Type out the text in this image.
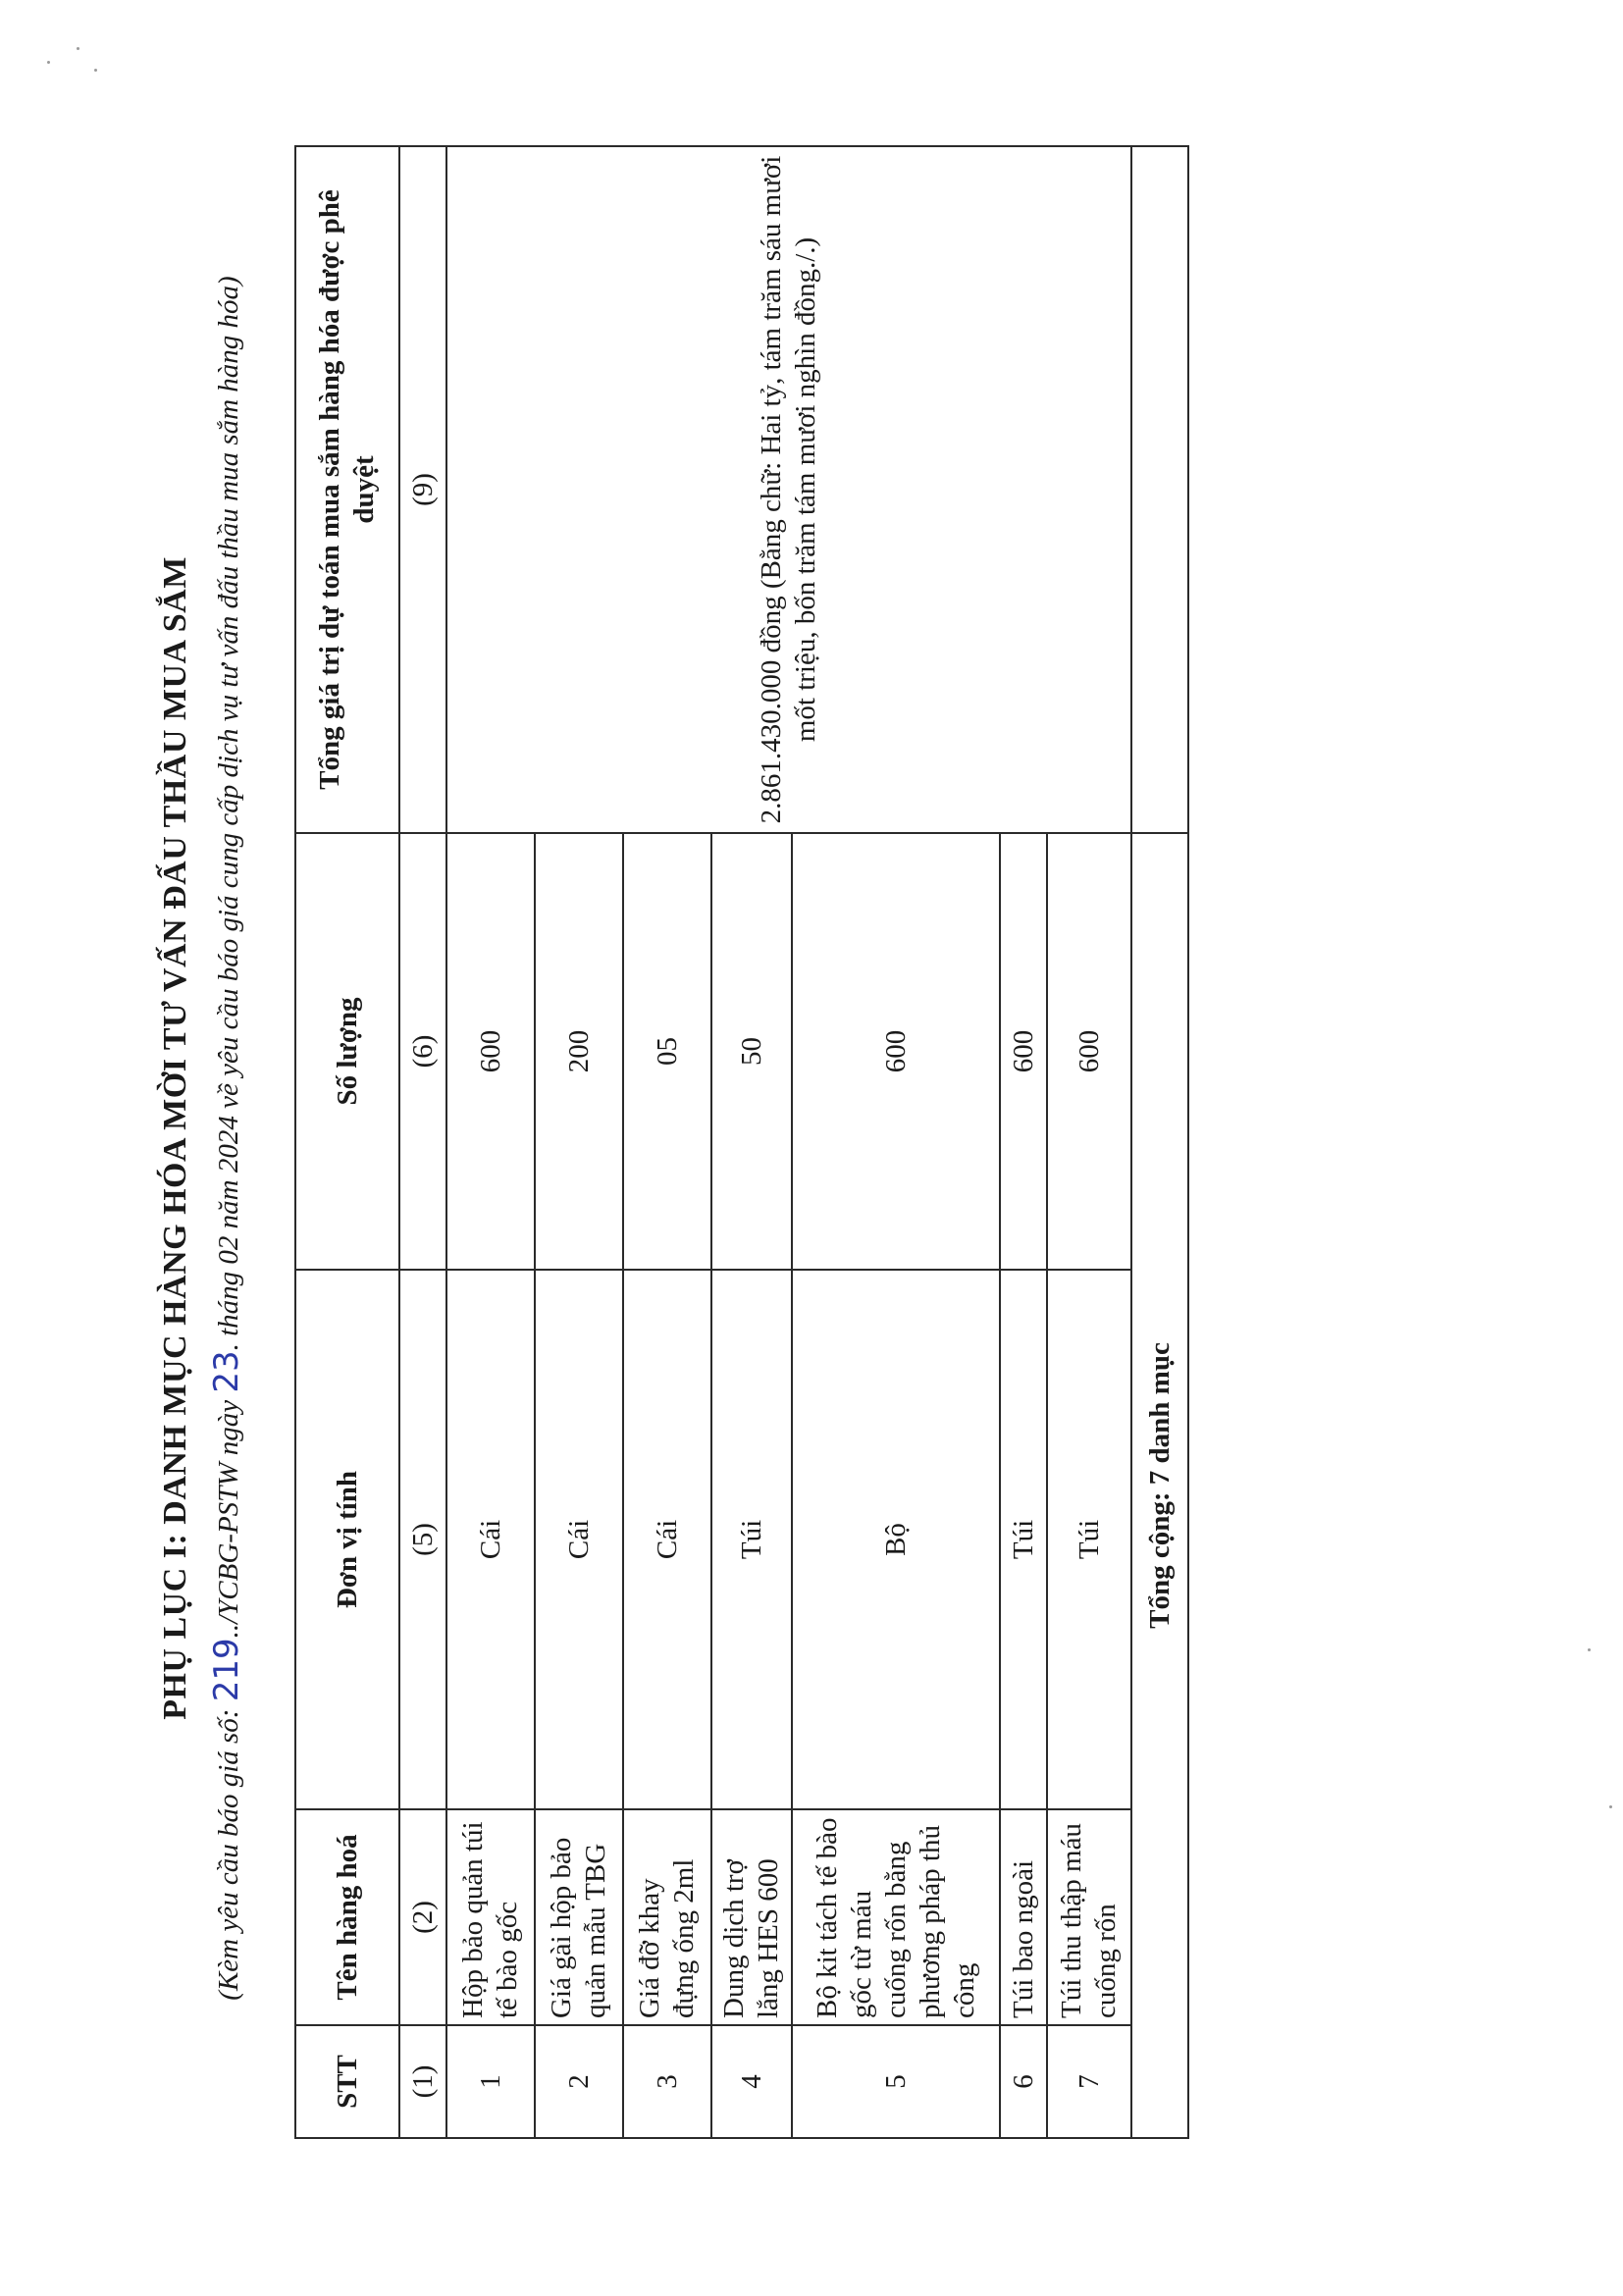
PHỤ LỤC I: DANH MỤC HÀNG HÓA MỜI TƯ VẤN ĐẤU THẦU MUA SẮM
(Kèm yêu cầu báo giá số: 219../YCBG-PSTW ngày 23. tháng 02 năm 2024 về yêu cầu báo giá cung cấp dịch vụ tư vấn đấu thầu mua sắm hàng hóa)
STT	Tên hàng hoá	Đơn vị tính	Số lượng	Tổng giá trị dự toán mua sắm hàng hóa được phê duyệt
(1)	(2)	(5)	(6)	(9)
1	Hộp bảo quản túi tế bào gốc	Cái	600	2.861.430.000 đồng (Bằng chữ: Hai tỷ, tám trăm sáu mươi mốt triệu, bốn trăm tám mươi nghìn đồng./.)
2	Giá gài hộp bảo quản mẫu TBG	Cái	200	
3	Giá đỡ khay đựng ống 2ml	Cái	05	
4	Dung dịch trợ lắng HES 600	Túi	50	
5	Bộ kit tách tế bào gốc từ máu cuống rốn bằng phương pháp thủ công	Bộ	600	
6	Túi bao ngoài	Túi	600	
7	Túi thu thập máu cuống rốn	Túi	600	
Tổng cộng: 7 danh mục				
